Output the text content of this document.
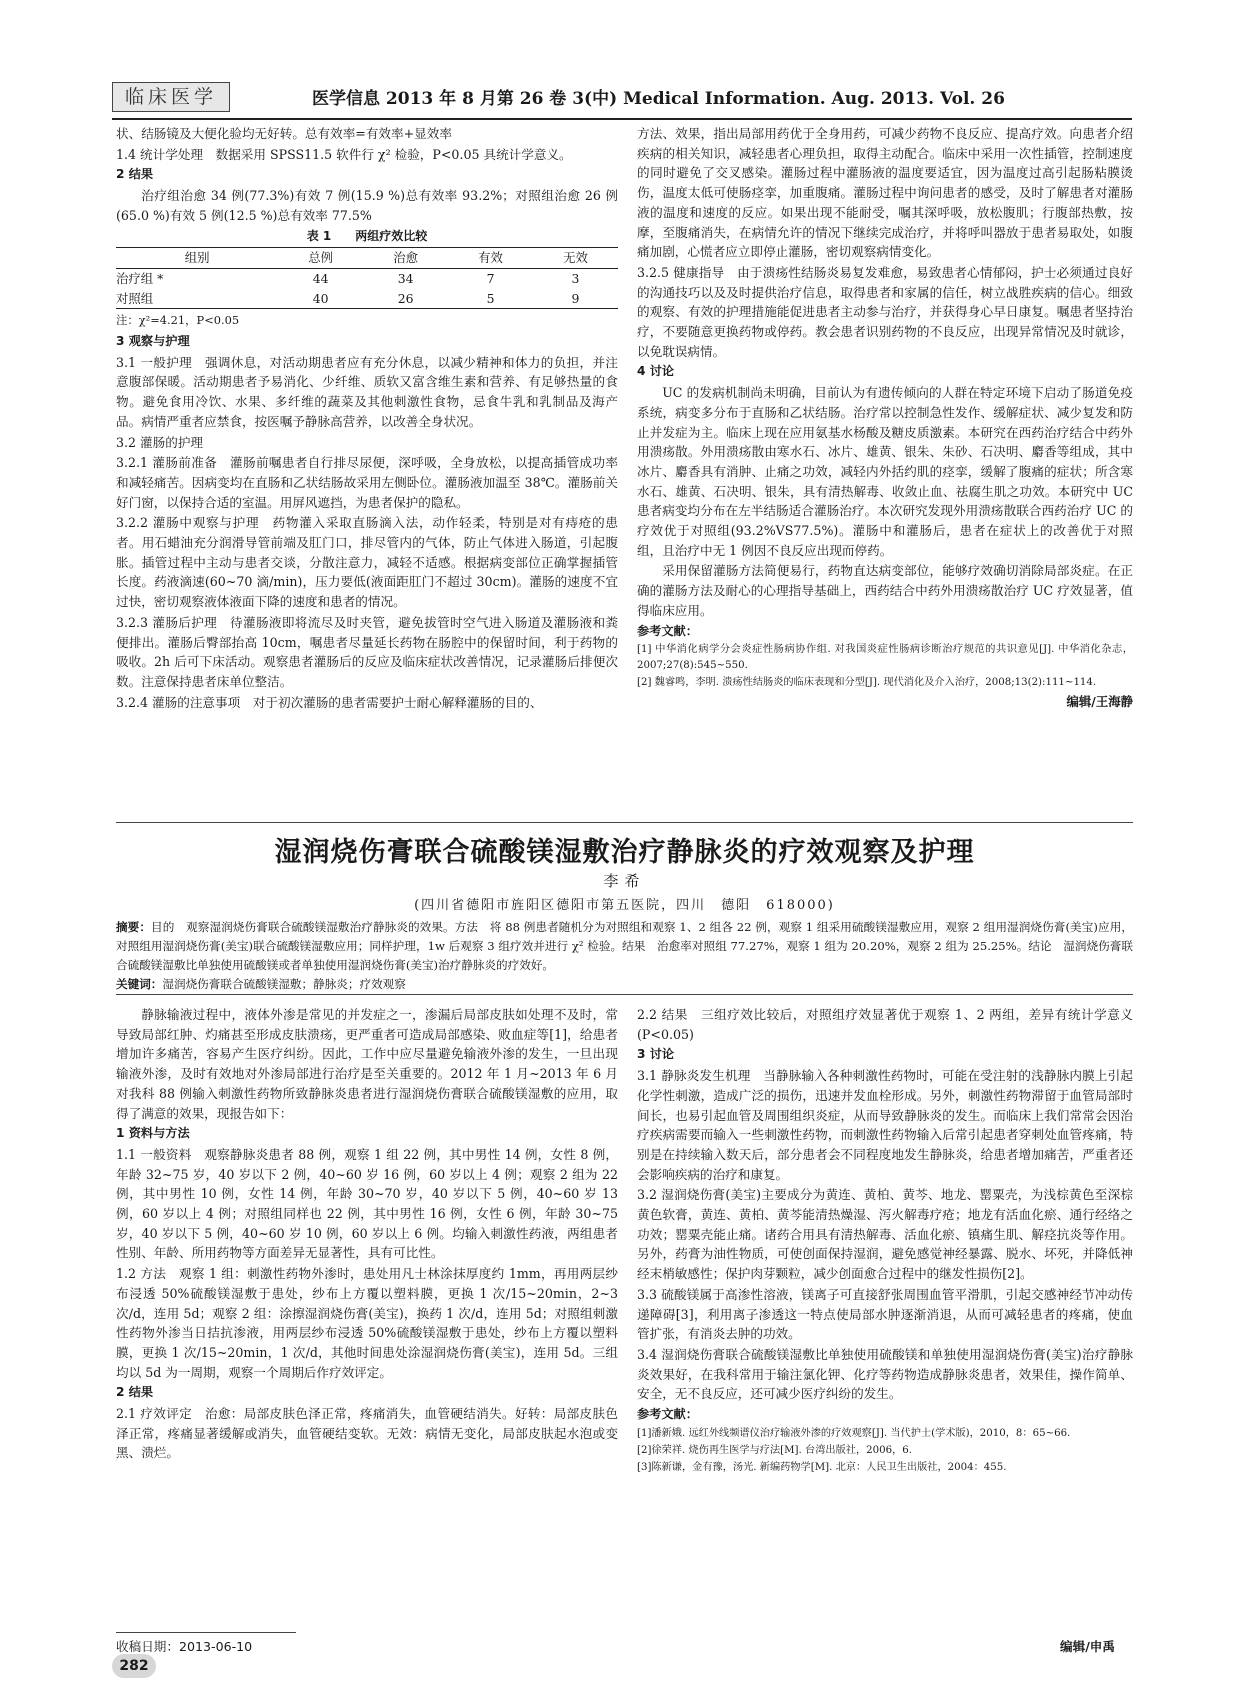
临床医学	医学信息 2013 年 8 月第 26 卷 3(中) Medical Information. Aug. 2013. Vol. 26

状、结肠镜及大便化验均无好转。总有效率=有效率+显效率

1.4 统计学处理　数据采用 SPSS11.5 软件行 χ² 检验，P<0.05 具统计学意义。

2 结果

治疗组治愈 34 例(77.3%)有效 7 例(15.9 %)总有效率 93.2%；对照组治愈 26 例(65.0 %)有效 5 例(12.5 %)总有效率 77.5%

表 1　　两组疗效比较
组别	总例	治愈	有效	无效
治疗组 *	44	34	7	3
对照组	40	26	5	9

注：χ²=4.21，P<0.05

3 观察与护理

3.1 一般护理　强调休息，对活动期患者应有充分休息，以减少精神和体力的负担，并注意腹部保暖。活动期患者予易消化、少纤维、质软又富含维生素和营养、有足够热量的食物。避免食用冷饮、水果、多纤维的蔬菜及其他刺激性食物，忌食牛乳和乳制品及海产品。病情严重者应禁食，按医嘱予静脉高营养，以改善全身状况。

3.2 灌肠的护理

3.2.1 灌肠前准备　灌肠前嘱患者自行排尽尿便，深呼吸，全身放松，以提高插管成功率和减轻痛苦。因病变均在直肠和乙状结肠故采用左侧卧位。灌肠液加温至 38℃。灌肠前关好门窗，以保持合适的室温。用屏风遮挡，为患者保护的隐私。

3.2.2 灌肠中观察与护理　药物灌入采取直肠滴入法，动作轻柔，特别是对有痔疮的患者。用石蜡油充分润滑导管前端及肛门口，排尽管内的气体，防止气体进入肠道，引起腹胀。插管过程中主动与患者交谈，分散注意力，减轻不适感。根据病变部位正确掌握插管长度。药液滴速(60~70 滴/min)，压力要低(液面距肛门不超过 30cm)。灌肠的速度不宜过快，密切观察液体液面下降的速度和患者的情况。

3.2.3 灌肠后护理　待灌肠液即将流尽及时夹管，避免拔管时空气进入肠道及灌肠液和粪便排出。灌肠后臀部抬高 10cm，嘱患者尽量延长药物在肠腔中的保留时间，利于药物的吸收。2h 后可下床活动。观察患者灌肠后的反应及临床症状改善情况，记录灌肠后排便次数。注意保持患者床单位整洁。

3.2.4 灌肠的注意事项　对于初次灌肠的患者需要护士耐心解释灌肠的目的、

方法、效果，指出局部用药优于全身用药，可减少药物不良反应、提高疗效。向患者介绍疾病的相关知识，减轻患者心理负担，取得主动配合。临床中采用一次性插管，控制速度的同时避免了交叉感染。灌肠过程中灌肠液的温度要适宜，因为温度过高引起肠粘膜烫伤，温度太低可使肠痉挛，加重腹痛。灌肠过程中询问患者的感受，及时了解患者对灌肠液的温度和速度的反应。如果出现不能耐受，嘱其深呼吸，放松腹肌；行腹部热敷，按摩，至腹痛消失，在病情允许的情况下继续完成治疗，并将呼叫器放于患者易取处，如腹痛加剧，心慌者应立即停止灌肠，密切观察病情变化。

3.2.5 健康指导　由于溃疡性结肠炎易复发难愈，易致患者心情郁闷，护士必须通过良好的沟通技巧以及及时提供治疗信息，取得患者和家属的信任，树立战胜疾病的信心。细致的观察、有效的护理措施能促进患者主动参与治疗，并获得身心早日康复。嘱患者坚持治疗，不要随意更换药物或停药。教会患者识别药物的不良反应，出现异常情况及时就诊，以免耽误病情。

4 讨论

UC 的发病机制尚未明确，目前认为有遗传倾向的人群在特定环境下启动了肠道免疫系统，病变多分布于直肠和乙状结肠。治疗常以控制急性发作、缓解症状、减少复发和防止并发症为主。临床上现在应用氨基水杨酸及糖皮质激素。本研究在西药治疗结合中药外用溃疡散。外用溃疡散由寒水石、冰片、雄黄、银朱、朱砂、石决明、麝香等组成，其中冰片、麝香具有消肿、止痛之功效，减轻内外括约肌的痉挛，缓解了腹痛的症状；所含寒水石、雄黄、石决明、银朱，具有清热解毒、收敛止血、祛腐生肌之功效。本研究中 UC 患者病变均分布在左半结肠适合灌肠治疗。本次研究发现外用溃疡散联合西药治疗 UC 的疗效优于对照组(93.2%VS77.5%)。灌肠中和灌肠后，患者在症状上的改善优于对照组，且治疗中无 1 例因不良反应出现而停药。

采用保留灌肠方法简便易行，药物直达病变部位，能够疗效确切消除局部炎症。在正确的灌肠方法及耐心的心理指导基础上，西药结合中药外用溃疡散治疗 UC 疗效显著，值得临床应用。

参考文献：

[1] 中华消化病学分会炎症性肠病协作组. 对我国炎症性肠病诊断治疗规范的共识意见[J]. 中华消化杂志，2007;27(8):545~550.

[2] 魏睿鸣，李明. 溃疡性结肠炎的临床表现和分型[J]. 现代消化及介入治疗，2008;13(2):111~114.

编辑/王海静
湿润烧伤膏联合硫酸镁湿敷治疗静脉炎的疗效观察及护理
李希
(四川省德阳市旌阳区德阳市第五医院，四川　德阳　618000)
摘要：目的　观察湿润烧伤膏联合硫酸镁湿敷治疗静脉炎的效果。方法　将 88 例患者随机分为对照组和观察 1、2 组各 22 例，观察 1 组采用硫酸镁湿敷应用，观察 2 组用湿润烧伤膏(美宝)应用，对照组用湿润烧伤膏(美宝)联合硫酸镁湿敷应用；同样护理，1w 后观察 3 组疗效并进行 χ² 检验。结果　治愈率对照组 77.27%，观察 1 组为 20.20%，观察 2 组为 25.25%。结论　湿润烧伤膏联合硫酸镁湿敷比单独使用硫酸镁或者单独使用湿润烧伤膏(美宝)治疗静脉炎的疗效好。
关键词：湿润烧伤膏联合硫酸镁湿敷；静脉炎；疗效观察

静脉输液过程中，液体外渗是常见的并发症之一，渗漏后局部皮肤如处理不及时，常导致局部红肿、灼痛甚至形成皮肤溃疡，更严重者可造成局部感染、败血症等[1]，给患者增加许多痛苦，容易产生医疗纠纷。因此，工作中应尽量避免输液外渗的发生，一旦出现输液外渗，及时有效地对外渗局部进行治疗是至关重要的。2012 年 1 月~2013 年 6 月对我科 88 例输入刺激性药物所致静脉炎患者进行湿润烧伤膏联合硫酸镁湿敷的应用，取得了满意的效果，现报告如下：

1 资料与方法

1.1 一般资料　观察静脉炎患者 88 例，观察 1 组 22 例，其中男性 14 例，女性 8 例，年龄 32~75 岁，40 岁以下 2 例，40~60 岁 16 例，60 岁以上 4 例；观察 2 组为 22 例，其中男性 10 例，女性 14 例，年龄 30~70 岁，40 岁以下 5 例，40~60 岁 13 例，60 岁以上 4 例；对照组同样也 22 例，其中男性 16 例，女性 6 例，年龄 30~75 岁，40 岁以下 5 例，40~60 岁 10 例，60 岁以上 6 例。均输入刺激性药液，两组患者性别、年龄、所用药物等方面差异无显著性，具有可比性。

1.2 方法　观察 1 组：刺激性药物外渗时，患处用凡士林涂抹厚度约 1mm，再用两层纱布浸透 50%硫酸镁湿敷于患处，纱布上方覆以塑料膜，更换 1 次/15~20min，2~3 次/d，连用 5d；观察 2 组：涂擦湿润烧伤膏(美宝)，换药 1 次/d，连用 5d；对照组刺激性药物外渗当日拮抗渗液，用两层纱布浸透 50%硫酸镁湿敷于患处，纱布上方覆以塑料膜，更换 1 次/15~20min，1 次/d，其他时间患处涂湿润烧伤膏(美宝)，连用 5d。三组均以 5d 为一周期，观察一个周期后作疗效评定。

2 结果

2.1 疗效评定　治愈：局部皮肤色泽正常，疼痛消失，血管硬结消失。好转：局部皮肤色泽正常，疼痛显著缓解或消失，血管硬结变软。无效：病情无变化，局部皮肤起水泡或变黑、溃烂。

2.2 结果　三组疗效比较后，对照组疗效显著优于观察 1、2 两组，差异有统计学意义(P<0.05)

3 讨论

3.1 静脉炎发生机理　当静脉输入各种刺激性药物时，可能在受注射的浅静脉内膜上引起化学性刺激，造成广泛的损伤，迅速并发血栓形成。另外，刺激性药物滞留于血管局部时间长，也易引起血管及周围组织炎症，从而导致静脉炎的发生。而临床上我们常常会因治疗疾病需要而输入一些刺激性药物，而刺激性药物输入后常引起患者穿刺处血管疼痛，特别是在持续输入数天后，部分患者会不同程度地发生静脉炎，给患者增加痛苦，严重者还会影响疾病的治疗和康复。

3.2 湿润烧伤膏(美宝)主要成分为黄连、黄柏、黄芩、地龙、罂粟壳，为浅棕黄色至深棕黄色软膏，黄连、黄柏、黄芩能清热燥湿、泻火解毒疗疮；地龙有活血化瘀、通行经络之功效；罂粟壳能止痛。诸药合用具有清热解毒、活血化瘀、镇痛生肌、解痉抗炎等作用。另外，药膏为油性物质，可使创面保持湿润，避免感觉神经暴露、脱水、坏死，并降低神经末梢敏感性；保护肉芽颗粒，减少创面愈合过程中的继发性损伤[2]。

3.3 硫酸镁属于高渗性溶液，镁离子可直接舒张周围血管平滑肌，引起交感神经节冲动传递障碍[3]，利用离子渗透这一特点使局部水肿逐渐消退，从而可减轻患者的疼痛，使血管扩张，有消炎去肿的功效。

3.4 湿润烧伤膏联合硫酸镁湿敷比单独使用硫酸镁和单独使用湿润烧伤膏(美宝)治疗静脉炎效果好，在我科常用于输注氯化钾、化疗等药物造成静脉炎患者，效果佳，操作简单、安全，无不良反应，还可减少医疗纠纷的发生。

参考文献：

[1]潘新娥. 远红外线频谱仪治疗输液外渗的疗效观察[J]. 当代护士(学术版)，2010，8：65~66.

[2]徐荣祥. 烧伤再生医学与疗法[M]. 台湾出版社，2006，6.

[3]陈新谦，金有豫，汤光. 新编药物学[M]. 北京：人民卫生出版社，2004：455.

收稿日期：2013-06-10	编辑/申禹
282
